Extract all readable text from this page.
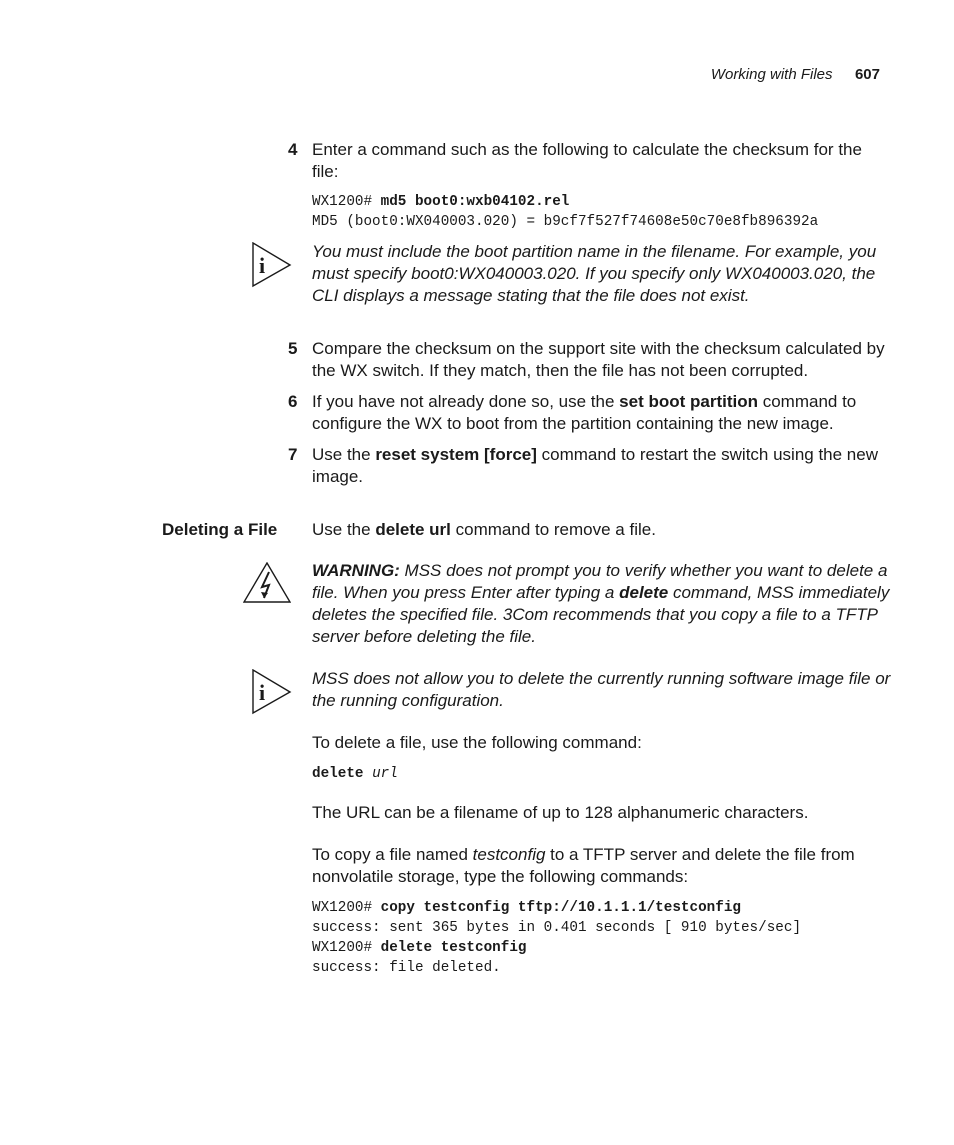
Working with Files 607
4 Enter a command such as the following to calculate the checksum for the file:
WX1200# md5 boot0:wxb04102.rel
MD5 (boot0:WX040003.020) = b9cf7f527f74608e50c70e8fb896392a
i
You must include the boot partition name in the filename. For example, you must specify boot0:WX040003.020. If you specify only WX040003.020, the CLI displays a message stating that the file does not exist.
5 Compare the checksum on the support site with the checksum calculated by the WX switch. If they match, then the file has not been corrupted.
6 If you have not already done so, use the set boot partition command to configure the WX to boot from the partition containing the new image.
7 Use the reset system [force] command to restart the switch using the new image.
Deleting a File Use the delete url command to remove a file.
WARNING: MSS does not prompt you to verify whether you want to delete a file. When you press Enter after typing a delete command, MSS immediately deletes the specified file. 3Com recommends that you copy a file to a TFTP server before deleting the file.
i
MSS does not allow you to delete the currently running software image file or the running configuration.
To delete a file, use the following command:
delete url
The URL can be a filename of up to 128 alphanumeric characters.
To copy a file named testconfig to a TFTP server and delete the file from nonvolatile storage, type the following commands:
WX1200# copy testconfig tftp://10.1.1.1/testconfig
success: sent 365 bytes in 0.401 seconds [ 910 bytes/sec]
WX1200# delete testconfig
success: file deleted.
